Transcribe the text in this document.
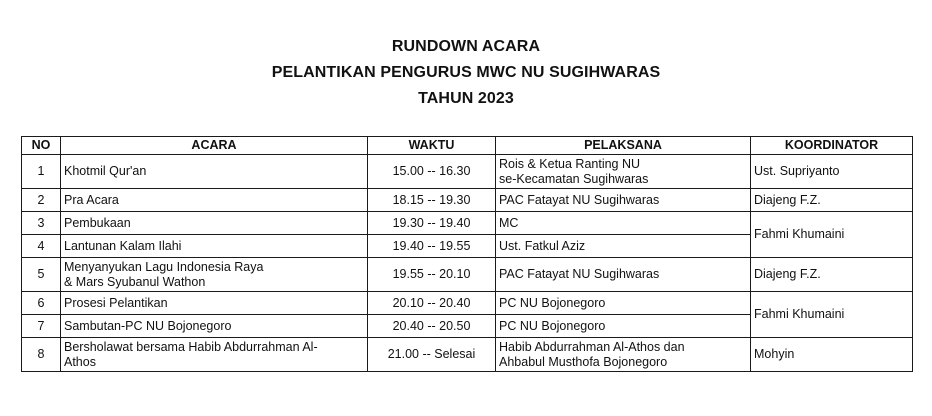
RUNDOWN ACARA
PELANTIKAN PENGURUS MWC NU SUGIHWARAS
TAHUN 2023
NO	ACARA	WAKTU	PELAKSANA	KOORDINATOR
1	Khotmil Qur'an	15.00 -- 16.30	Rois & Ketua Ranting NU
se-Kecamatan Sugihwaras	Ust. Supriyanto
2	Pra Acara	18.15 -- 19.30	PAC Fatayat NU Sugihwaras	Diajeng F.Z.
3	Pembukaan	19.30 -- 19.40	MC	Fahmi Khumaini
4	Lantunan Kalam Ilahi	19.40 -- 19.55	Ust. Fatkul Aziz	

5	Menyanyukan Lagu Indonesia Raya
& Mars Syubanul Wathon	19.55 -- 20.10	PAC Fatayat NU Sugihwaras	Diajeng F.Z.
6	Prosesi Pelantikan	20.10 -- 20.40	PC NU Bojonegoro	Fahmi Khumaini
7	Sambutan-PC NU Bojonegoro	20.40 -- 20.50	PC NU Bojonegoro	

8	Bersholawat bersama Habib Abdurrahman Al-
Athos	21.00 -- Selesai	Habib Abdurrahman Al-Athos dan
Ahbabul Musthofa Bojonegoro	Mohyin
